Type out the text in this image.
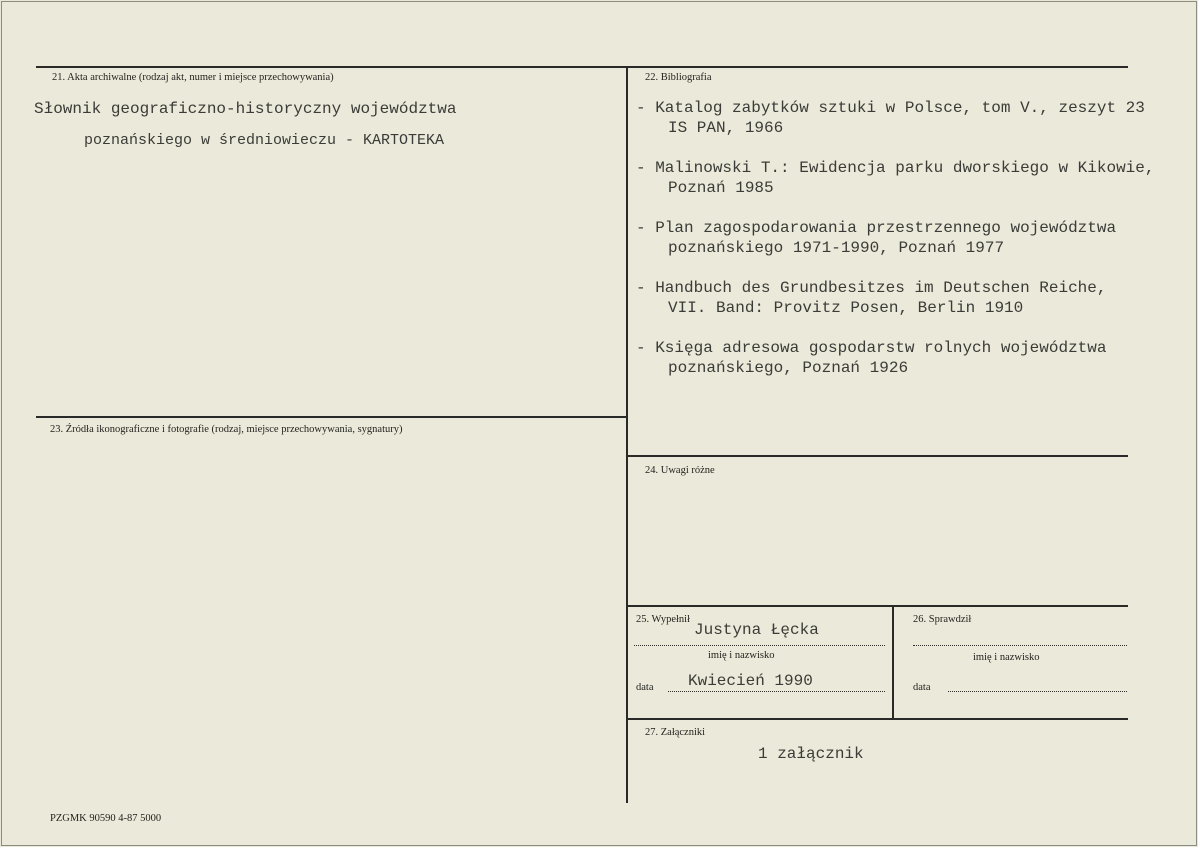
21. Akta archiwalne (rodzaj akt, numer i miejsce przechowywania)
Słownik geograficzno-historyczny województwa
poznańskiego w średniowieczu - KARTOTEKA
22. Bibliografia
- Katalog zabytków sztuki w Polsce, tom V., zeszyt 23
IS PAN, 1966
- Malinowski T.: Ewidencja parku dworskiego w Kikowie,
Poznań 1985
- Plan zagospodarowania przestrzennego województwa
poznańskiego 1971-1990, Poznań 1977
- Handbuch des Grundbesitzes im Deutschen Reiche,
VII. Band: Provitz Posen, Berlin 1910
- Księga adresowa gospodarstw rolnych województwa
poznańskiego, Poznań 1926
23. Źródła ikonograficzne i fotografie (rodzaj, miejsce przechowywania, sygnatury)
24. Uwagi różne
25. Wypełnił
Justyna Łęcka
imię i nazwisko
data Kwiecień 1990
26. Sprawdził
imię i nazwisko
data
27. Załączniki
1 załącznik
PZGMK 90590 4-87 5000
